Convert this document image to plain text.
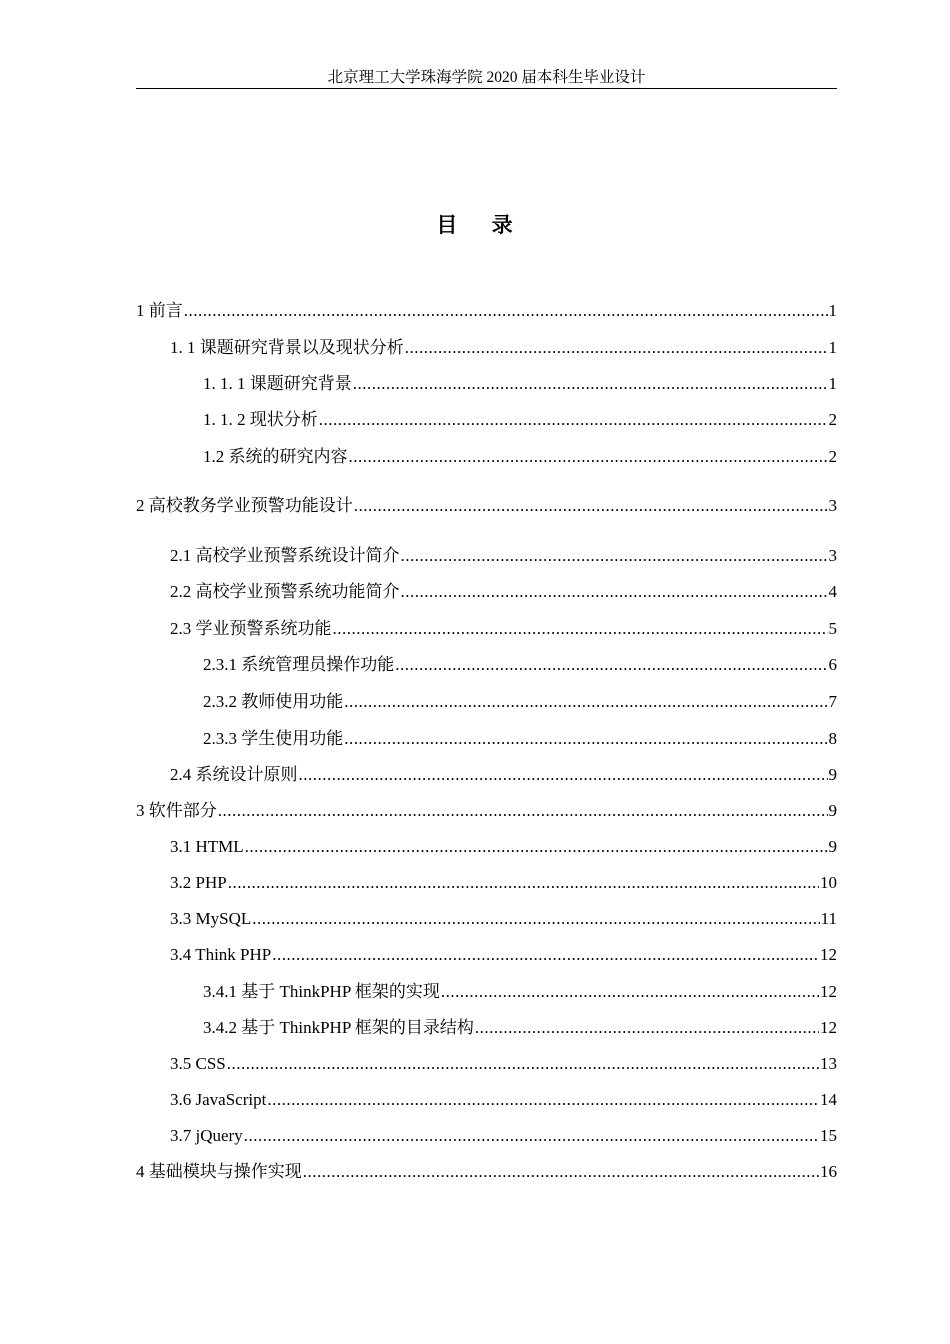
北京理工大学珠海学院 2020 届本科生毕业设计
目    录
1 前言 .....	1
1. 1 课题研究背景以及现状分析 .....	1
1. 1. 1 课题研究背景 .....	1
1. 1. 2 现状分析 .....	2
1.2 系统的研究内容 .....	2
2 高校教务学业预警功能设计 .....	3
2.1 高校学业预警系统设计简介 .....	3
2.2 高校学业预警系统功能简介 .....	4
2.3 学业预警系统功能 .....	5
2.3.1 系统管理员操作功能 .....	6
2.3.2 教师使用功能 .....	7
2.3.3 学生使用功能 .....	8
2.4 系统设计原则 .....	9
3 软件部分 .....	9
3.1 HTML .....	9
3.2 PHP .....	10
3.3 MySQL .....	11
3.4 Think PHP .....	12
3.4.1 基于 ThinkPHP 框架的实现 .....	12
3.4.2 基于 ThinkPHP 框架的目录结构 .....	12
3.5 CSS .....	13
3.6 JavaScript .....	14
3.7 jQuery .....	15
4 基础模块与操作实现 .....	16
